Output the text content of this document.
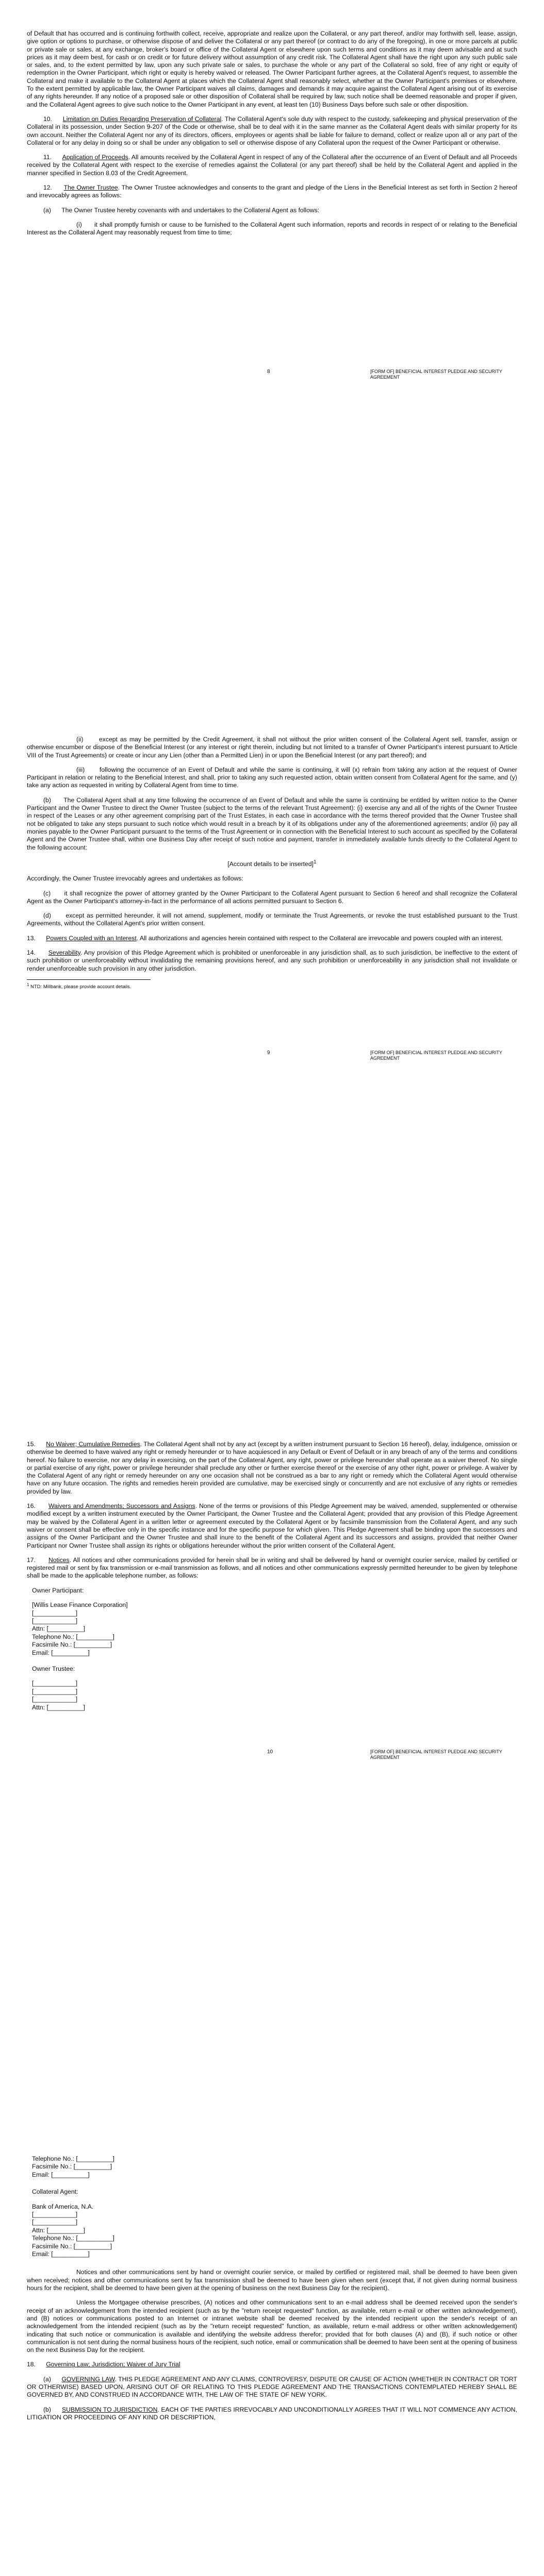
of Default that has occurred and is continuing forthwith collect, receive, appropriate and realize upon the Collateral, or any part thereof, and/or may forthwith sell, lease, assign, give option or options to purchase, or otherwise dispose of and deliver the Collateral or any part thereof (or contract to do any of the foregoing), in one or more parcels at public or private sale or sales, at any exchange, broker's board or office of the Collateral Agent or elsewhere upon such terms and conditions as it may deem advisable and at such prices as it may deem best, for cash or on credit or for future delivery without assumption of any credit risk. The Collateral Agent shall have the right upon any such public sale or sales, and, to the extent permitted by law, upon any such private sale or sales, to purchase the whole or any part of the Collateral so sold, free of any right or equity of redemption in the Owner Participant, which right or equity is hereby waived or released. The Owner Participant further agrees, at the Collateral Agent's request, to assemble the Collateral and make it available to the Collateral Agent at places which the Collateral Agent shall reasonably select, whether at the Owner Participant's premises or elsewhere. To the extent permitted by applicable law, the Owner Participant waives all claims, damages and demands it may acquire against the Collateral Agent arising out of its exercise of any rights hereunder. If any notice of a proposed sale or other disposition of Collateral shall be required by law, such notice shall be deemed reasonable and proper if given, and the Collateral Agent agrees to give such notice to the Owner Participant in any event, at least ten (10) Business Days before such sale or other disposition.

10. Limitation on Duties Regarding Preservation of Collateral. The Collateral Agent's sole duty with respect to the custody, safekeeping and physical preservation of the Collateral in its possession, under Section 9-207 of the Code or otherwise, shall be to deal with it in the same manner as the Collateral Agent deals with similar property for its own account. Neither the Collateral Agent nor any of its directors, officers, employees or agents shall be liable for failure to demand, collect or realize upon all or any part of the Collateral or for any delay in doing so or shall be under any obligation to sell or otherwise dispose of any Collateral upon the request of the Owner Participant or otherwise.

11. Application of Proceeds. All amounts received by the Collateral Agent in respect of any of the Collateral after the occurrence of an Event of Default and all Proceeds received by the Collateral Agent with respect to the exercise of remedies against the Collateral (or any part thereof) shall be held by the Collateral Agent and applied in the manner specified in Section 8.03 of the Credit Agreement.

12. The Owner Trustee. The Owner Trustee acknowledges and consents to the grant and pledge of the Liens in the Beneficial Interest as set forth in Section 2 hereof and irrevocably agrees as follows:

(a)      The Owner Trustee hereby covenants with and undertakes to the Collateral Agent as follows:

(i)      it shall promptly furnish or cause to be furnished to the Collateral Agent such information, reports and records in respect of or relating to the Beneficial Interest as the Collateral Agent may reasonably request from time to time;

8	[FORM OF] BENEFICIAL INTEREST PLEDGE AND SECURITY AGREEMENT

(ii)      except as may be permitted by the Credit Agreement, it shall not without the prior written consent of the Collateral Agent sell, transfer, assign or otherwise encumber or dispose of the Beneficial Interest (or any interest or right therein, including but not limited to a transfer of Owner Participant's interest pursuant to Article VIII of the Trust Agreements) or create or incur any Lien (other than a Permitted Lien) in or upon the Beneficial Interest (or any part thereof); and

(iii)      following the occurrence of an Event of Default and while the same is continuing, it will (x) refrain from taking any action at the request of Owner Participant in relation or relating to the Beneficial Interest, and shall, prior to taking any such requested action, obtain written consent from Collateral Agent for the same, and (y) take any action as requested in writing by Collateral Agent from time to time.

(b)      The Collateral Agent shall at any time following the occurrence of an Event of Default and while the same is continuing be entitled by written notice to the Owner Participant and the Owner Trustee to direct the Owner Trustee (subject to the terms of the relevant Trust Agreement): (i) exercise any and all of the rights of the Owner Trustee in respect of the Leases or any other agreement comprising part of the Trust Estates, in each case in accordance with the terms thereof provided that the Owner Trustee shall not be obligated to take any steps pursuant to such notice which would result in a breach by it of its obligations under any of the aforementioned agreements; and/or (ii) pay all monies payable to the Owner Participant pursuant to the terms of the Trust Agreement or in connection with the Beneficial Interest to such account as specified by the Collateral Agent and the Owner Trustee shall, within one Business Day after receipt of such notice and payment, transfer in immediately available funds directly to the Collateral Agent to the following account:

[Account details to be inserted]$^1$

Accordingly, the Owner Trustee irrevocably agrees and undertakes as follows:

(c)      it shall recognize the power of attorney granted by the Owner Participant to the Collateral Agent pursuant to Section 6 hereof and shall recognize the Collateral Agent as the Owner Participant's attorney-in-fact in the performance of all actions permitted pursuant to Section 6.

(d)      except as permitted hereunder, it will not amend, supplement, modify or terminate the Trust Agreements, or revoke the trust established pursuant to the Trust Agreements, without the Collateral Agent's prior written consent.

13. Powers Coupled with an Interest. All authorizations and agencies herein contained with respect to the Collateral are irrevocable and powers coupled with an interest.

14. Severability. Any provision of this Pledge Agreement which is prohibited or unenforceable in any jurisdiction shall, as to such jurisdiction, be ineffective to the extent of such prohibition or unenforceability without invalidating the remaining provisions hereof, and any such prohibition or unenforceability in any jurisdiction shall not invalidate or render unenforceable such provision in any other jurisdiction.

$^1$ NTD: Millbank, please provide account details.
9	[FORM OF] BENEFICIAL INTEREST PLEDGE AND SECURITY AGREEMENT

15. No Waiver; Cumulative Remedies. The Collateral Agent shall not by any act (except by a written instrument pursuant to Section 16 hereof), delay, indulgence, omission or otherwise be deemed to have waived any right or remedy hereunder or to have acquiesced in any Default or Event of Default or in any breach of any of the terms and conditions hereof. No failure to exercise, nor any delay in exercising, on the part of the Collateral Agent, any right, power or privilege hereunder shall operate as a waiver thereof. No single or partial exercise of any right, power or privilege hereunder shall preclude any other or further exercise thereof or the exercise of any other right, power or privilege. A waiver by the Collateral Agent of any right or remedy hereunder on any one occasion shall not be construed as a bar to any right or remedy which the Collateral Agent would otherwise have on any future occasion. The rights and remedies herein provided are cumulative, may be exercised singly or concurrently and are not exclusive of any rights or remedies provided by law.

16. Waivers and Amendments; Successors and Assigns. None of the terms or provisions of this Pledge Agreement may be waived, amended, supplemented or otherwise modified except by a written instrument executed by the Owner Participant, the Owner Trustee and the Collateral Agent; provided that any provision of this Pledge Agreement may be waived by the Collateral Agent in a written letter or agreement executed by the Collateral Agent or by facsimile transmission from the Collateral Agent, and any such waiver or consent shall be effective only in the specific instance and for the specific purpose for which given. This Pledge Agreement shall be binding upon the successors and assigns of the Owner Participant and the Owner Trustee and shall inure to the benefit of the Collateral Agent and its successors and assigns, provided that neither Owner Participant nor Owner Trustee shall assign its rights or obligations hereunder without the prior written consent of the Collateral Agent.

17. Notices. All notices and other communications provided for herein shall be in writing and shall be delivered by hand or overnight courier service, mailed by certified or registered mail or sent by fax transmission or e-mail transmission as follows, and all notices and other communications expressly permitted hereunder to be given by telephone shall be made to the applicable telephone number, as follows:

Owner Participant:
[Willis Lease Finance Corporation]
[____________]
[____________]
Attn: [__________]
Telephone No.: [__________]
Facsimile No.: [__________]
Email: [__________]
Owner Trustee:
[____________]
[____________]
[____________]
Attn: [__________]
10	[FORM OF] BENEFICIAL INTEREST PLEDGE AND SECURITY AGREEMENT
Telephone No.: [__________]
Facsimile No.: [__________]
Email: [__________]
Collateral Agent:
Bank of America, N.A.
[____________]
[____________]
Attn: [__________]
Telephone No.: [__________]
Facsimile No.: [__________]
Email: [__________]

Notices and other communications sent by hand or overnight courier service, or mailed by certified or registered mail, shall be deemed to have been given when received; notices and other communications sent by fax transmission shall be deemed to have been given when sent (except that, if not given during normal business hours for the recipient, shall be deemed to have been given at the opening of business on the next Business Day for the recipient).

Unless the Mortgagee otherwise prescribes, (A) notices and other communications sent to an e-mail address shall be deemed received upon the sender's receipt of an acknowledgement from the intended recipient (such as by the "return receipt requested" function, as available, return e-mail or other written acknowledgement), and (B) notices or communications posted to an Internet or intranet website shall be deemed received by the intended recipient upon the sender's receipt of an acknowledgement from the intended recipient (such as by the "return receipt requested" function, as available, return e-mail address or other written acknowledgement) indicating that such notice or communication is available and identifying the website address therefor; provided that for both clauses (A) and (B), if such notice or other communication is not sent during the normal business hours of the recipient, such notice, email or communication shall be deemed to have been sent at the opening of business on the next Business Day for the recipient.

18. Governing Law; Jurisdiction; Waiver of Jury Trial

(a) GOVERNING LAW. THIS PLEDGE AGREEMENT AND ANY CLAIMS, CONTROVERSY, DISPUTE OR CAUSE OF ACTION (WHETHER IN CONTRACT OR TORT OR OTHERWISE) BASED UPON, ARISING OUT OF OR RELATING TO THIS PLEDGE AGREEMENT AND THE TRANSACTIONS CONTEMPLATED HEREBY SHALL BE GOVERNED BY, AND CONSTRUED IN ACCORDANCE WITH, THE LAW OF THE STATE OF NEW YORK.

(b) SUBMISSION TO JURISDICTION. EACH OF THE PARTIES IRREVOCABLY AND UNCONDITIONALLY AGREES THAT IT WILL NOT COMMENCE ANY ACTION, LITIGATION OR PROCEEDING OF ANY KIND OR DESCRIPTION,
